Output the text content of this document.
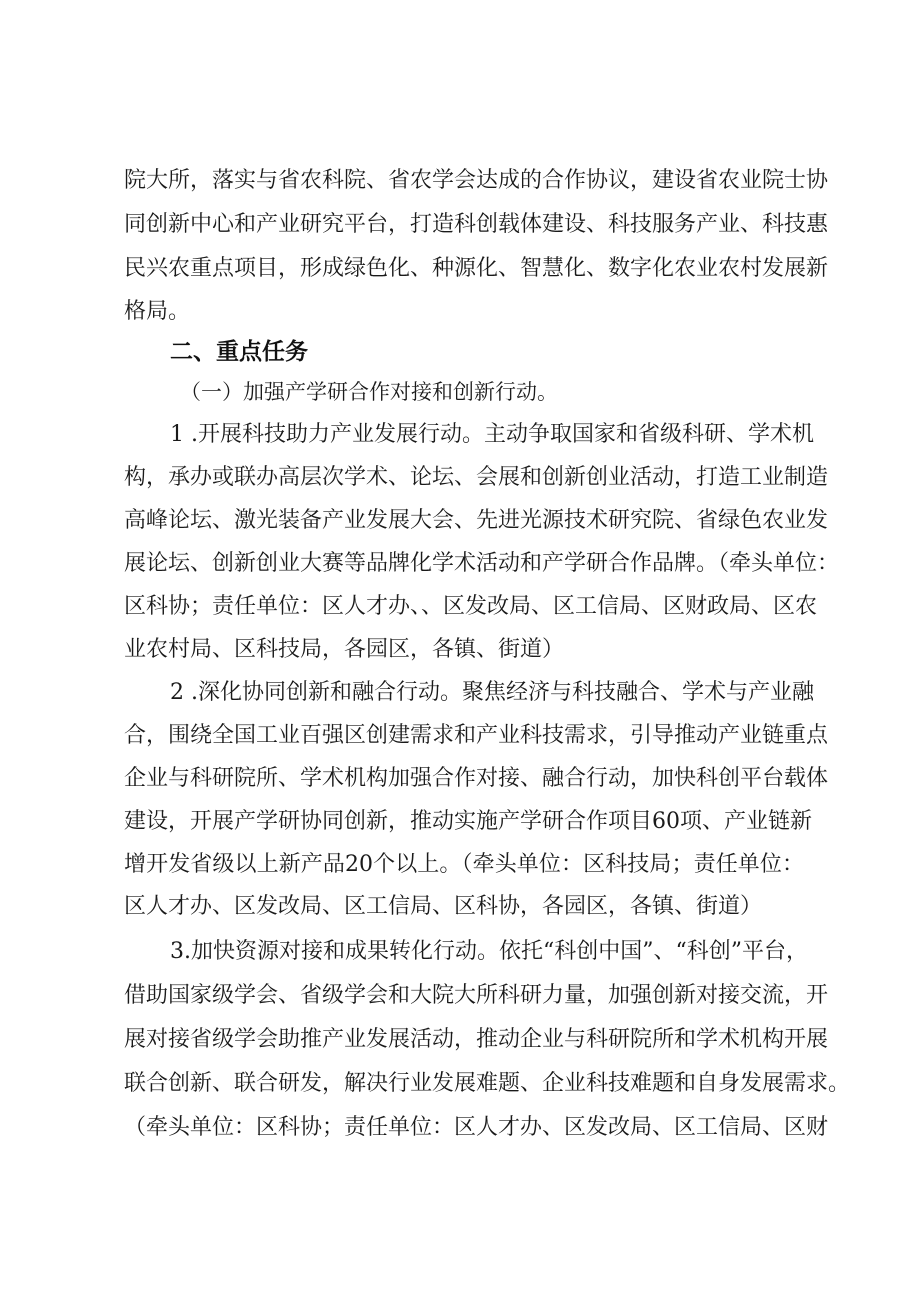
院大所，落实与省农科院、省农学会达成的合作协议，建设省农业院士协

同创新中心和产业研究平台，打造科创载体建设、科技服务产业、科技惠

民兴农重点项目，形成绿色化、种源化、智慧化、数字化农业农村发展新

格局。

二、重点任务

（一）加强产学研合作对接和创新行动。

1 .开展科技助力产业发展行动。主动争取国家和省级科研、学术机

构，承办或联办高层次学术、论坛、会展和创新创业活动，打造工业制造

高峰论坛、激光装备产业发展大会、先进光源技术研究院、省绿色农业发

展论坛、创新创业大赛等品牌化学术活动和产学研合作品牌。（牵头单位：

区科协；责任单位：区人才办、、区发改局、区工信局、区财政局、区农

业农村局、区科技局，各园区，各镇、街道）

2 .深化协同创新和融合行动。聚焦经济与科技融合、学术与产业融

合，围绕全国工业百强区创建需求和产业科技需求，引导推动产业链重点

企业与科研院所、学术机构加强合作对接、融合行动，加快科创平台载体

建设，开展产学研协同创新，推动实施产学研合作项目60项、产业链新

增开发省级以上新产品20个以上。（牵头单位：区科技局；责任单位：

区人才办、区发改局、区工信局、区科协，各园区，各镇、街道）

3.加快资源对接和成果转化行动。依托“科创中国”、“科创”平台，

借助国家级学会、省级学会和大院大所科研力量，加强创新对接交流，开

展对接省级学会助推产业发展活动，推动企业与科研院所和学术机构开展

联合创新、联合研发，解决行业发展难题、企业科技难题和自身发展需求。

（牵头单位：区科协；责任单位：区人才办、区发改局、区工信局、区财
